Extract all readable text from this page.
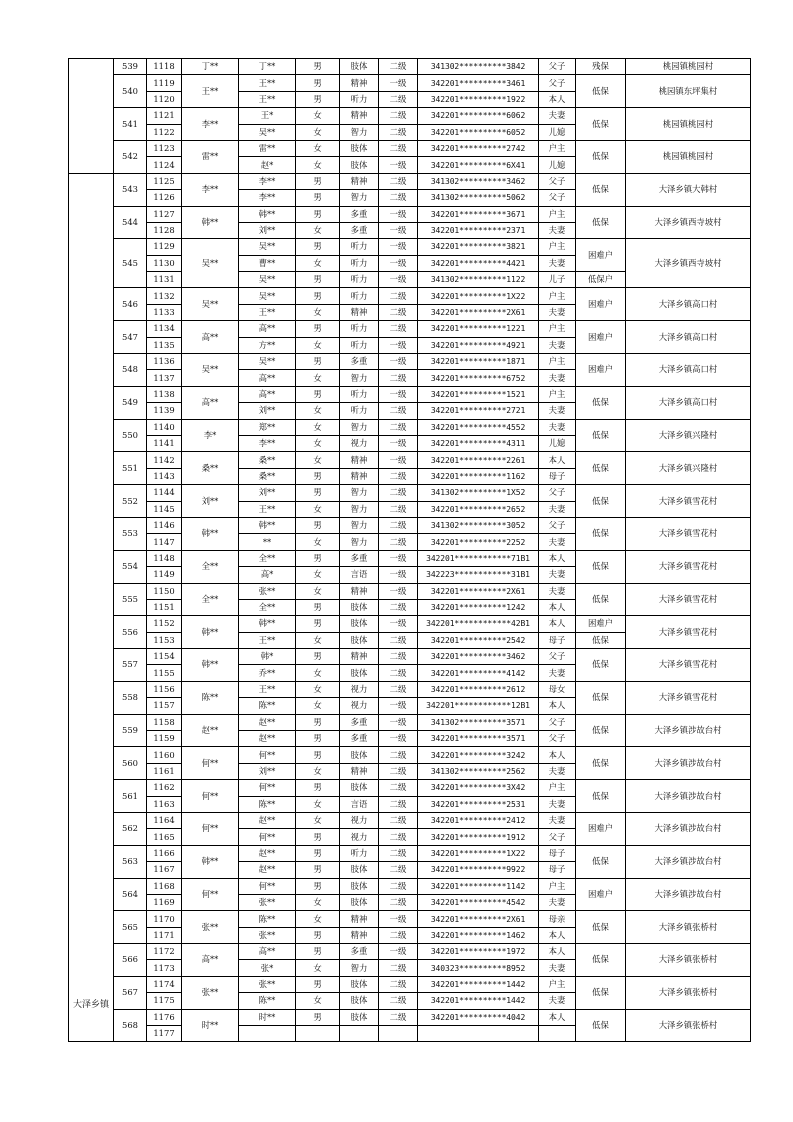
	539	1118	丁**	丁**	男	肢体	二级	341302**********3842	父子	残保	桃园镇桃园村
	540	1119	王**	王**	男	精神	一级	342201**********3461	父子	低保	桃园镇东坪集村
		1120		王**	男	听力	二级	342201**********1922	本人		
	541	1121	李**	王*	女	精神	二级	342201**********6062	夫妻	低保	桃园镇桃园村
		1122		吴**	女	智力	二级	342201**********6052	儿媳		
	542	1123	雷**	雷**	女	肢体	二级	342201**********2742	户主	低保	桃园镇桃园村
		1124		赵*	女	肢体	一级	342201**********6X41	儿媳		
大泽乡镇	543	1125	李**	李**	男	精神	二级	341302**********3462	父子	低保	大泽乡镇大韩村
		1126		李**	男	智力	二级	341302**********5062	父子		
	544	1127	韩**	韩**	男	多重	一级	342201**********3671	户主	低保	大泽乡镇西寺坡村
		1128		刘**	女	多重	一级	342201**********2371	夫妻		
	545	1129	吴**	吴**	男	听力	一级	342201**********3821	户主	困难户	大泽乡镇西寺坡村
		1130		曹**	女	听力	一级	342201**********4421	夫妻		
		1131		吴**	男	听力	一级	341302**********1122	儿子	低保户	
	546	1132	吴**	吴**	男	听力	二级	342201**********1X22	户主	困难户	大泽乡镇高口村
		1133		王**	女	精神	二级	342201**********2X61	夫妻		
	547	1134	高**	高**	男	听力	二级	342201**********1221	户主	困难户	大泽乡镇高口村
		1135		方**	女	听力	一级	342201**********4921	夫妻		
	548	1136	吴**	吴**	男	多重	一级	342201**********1871	户主	困难户	大泽乡镇高口村
		1137		高**	女	智力	二级	342201**********6752	夫妻		
	549	1138	高**	高**	男	听力	一级	342201**********1521	户主	低保	大泽乡镇高口村
		1139		刘**	女	听力	二级	342201**********2721	夫妻		
	550	1140	李*	郑**	女	智力	二级	342201**********4552	夫妻	低保	大泽乡镇兴隆村
		1141		李**	女	视力	一级	342201**********4311	儿媳		
	551	1142	桑**	桑**	女	精神	一级	342201**********2261	本人	低保	大泽乡镇兴隆村
		1143		桑**	男	精神	二级	342201**********1162	母子		
	552	1144	刘**	刘**	男	智力	二级	341302**********1X52	父子	低保	大泽乡镇雪花村
		1145		王**	女	智力	二级	342201**********2652	夫妻		
	553	1146	韩**	韩**	男	智力	二级	341302**********3052	父子	低保	大泽乡镇雪花村
		1147		**	女	智力	二级	342201**********2252	夫妻		
	554	1148	全**	全**	男	多重	一级	342201************71B1	本人	低保	大泽乡镇雪花村
		1149		高*	女	言语	一级	342223************31B1	夫妻		
	555	1150	全**	张**	女	精神	一级	342201**********2X61	夫妻	低保	大泽乡镇雪花村
		1151		全**	男	肢体	二级	342201**********1242	本人		
	556	1152	韩**	韩**	男	肢体	一级	342201************42B1	本人	困难户	大泽乡镇雪花村
		1153		王**	女	肢体	二级	342201**********2542	母子	低保	
	557	1154	韩**	韩*	男	精神	二级	342201**********3462	父子	低保	大泽乡镇雪花村
		1155		乔**	女	肢体	二级	342201**********4142	夫妻		
	558	1156	陈**	王**	女	视力	二级	342201**********2612	母女	低保	大泽乡镇雪花村
		1157		陈**	女	视力	一级	342201************12B1	本人		
	559	1158	赵**	赵**	男	多重	一级	341302**********3571	父子	低保	大泽乡镇涉故台村
		1159		赵**	男	多重	一级	342201**********3571	父子		
	560	1160	何**	何**	男	肢体	二级	342201**********3242	本人	低保	大泽乡镇涉故台村
		1161		刘**	女	精神	二级	341302**********2562	夫妻		
	561	1162	何**	何**	男	肢体	二级	342201**********3X42	户主	低保	大泽乡镇涉故台村
		1163		陈**	女	言语	二级	342201**********2531	夫妻		
	562	1164	何**	赵**	女	视力	二级	342201**********2412	夫妻	困难户	大泽乡镇涉故台村
		1165		何**	男	视力	二级	342201**********1912	父子		
	563	1166	韩**	赵**	男	听力	二级	342201**********1X22	母子	低保	大泽乡镇涉故台村
		1167		赵**	男	肢体	二级	342201**********9922	母子		
	564	1168	何**	何**	男	肢体	二级	342201**********1142	户主	困难户	大泽乡镇涉故台村
		1169		张**	女	肢体	二级	342201**********4542	夫妻		
	565	1170	张**	陈**	女	精神	一级	342201**********2X61	母亲	低保	大泽乡镇张桥村
		1171		张**	男	精神	二级	342201**********1462	本人		
	566	1172	高**	高**	男	多重	一级	342201**********1972	本人	低保	大泽乡镇张桥村
		1173		张*	女	智力	二级	340323**********8952	夫妻		
	567	1174	张**	张**	男	肢体	二级	342201**********1442	户主	低保	大泽乡镇张桥村
		1175		陈**	女	肢体	二级	342201**********1442	夫妻		
	568	1176	时**	时**	男	肢体	二级	342201**********4042	本人	低保	大泽乡镇张桥村
		1177									
